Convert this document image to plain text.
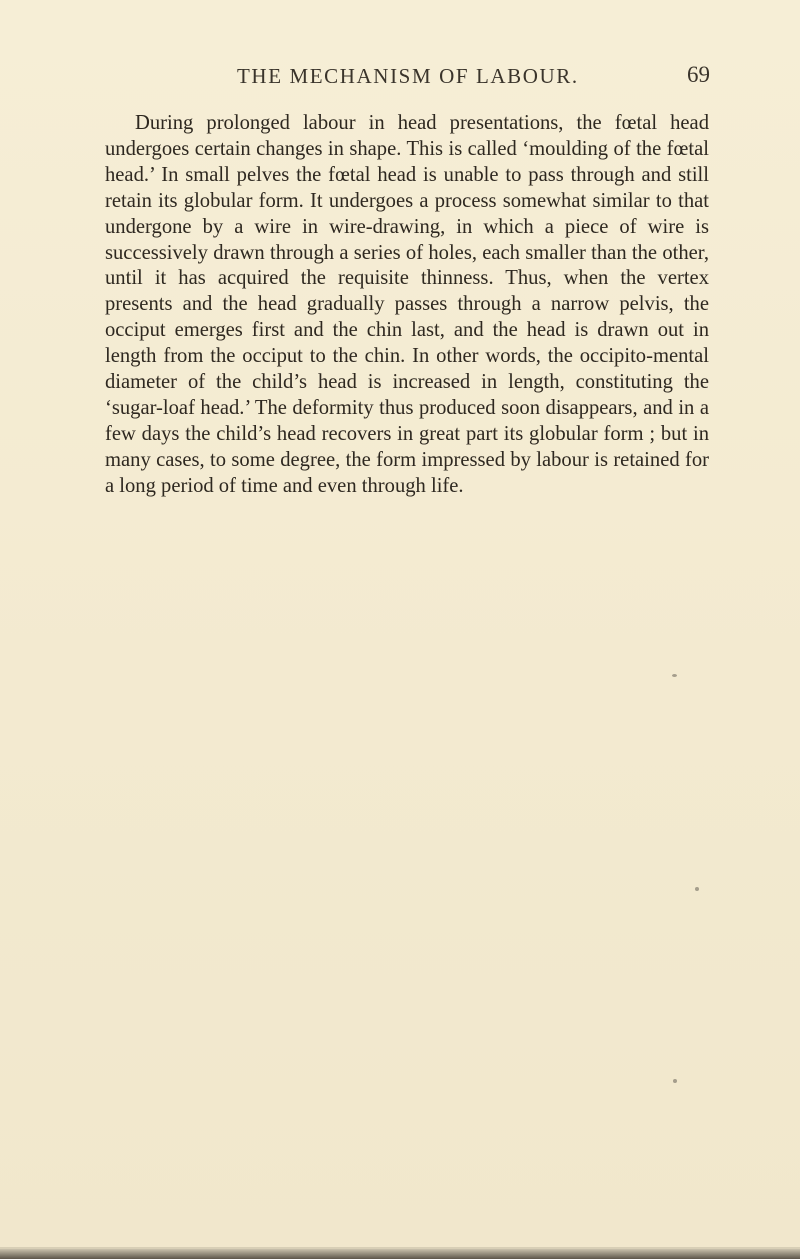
THE MECHANISM OF LABOUR.	69

During prolonged labour in head presentations, the fœtal head undergoes certain changes in shape. This is called ‘moulding of the fœtal head.’ In small pelves the fœtal head is unable to pass through and still retain its globular form. It undergoes a process somewhat similar to that undergone by a wire in wire-drawing, in which a piece of wire is successively drawn through a series of holes, each smaller than the other, until it has acquired the requisite thinness. Thus, when the vertex presents and the head gradually passes through a narrow pelvis, the occiput emerges first and the chin last, and the head is drawn out in length from the occiput to the chin. In other words, the occipito-mental diameter of the child’s head is increased in length, constituting the ‘sugar-loaf head.’ The deformity thus produced soon disappears, and in a few days the child’s head recovers in great part its globular form ; but in many cases, to some degree, the form impressed by labour is retained for a long period of time and even through life.
